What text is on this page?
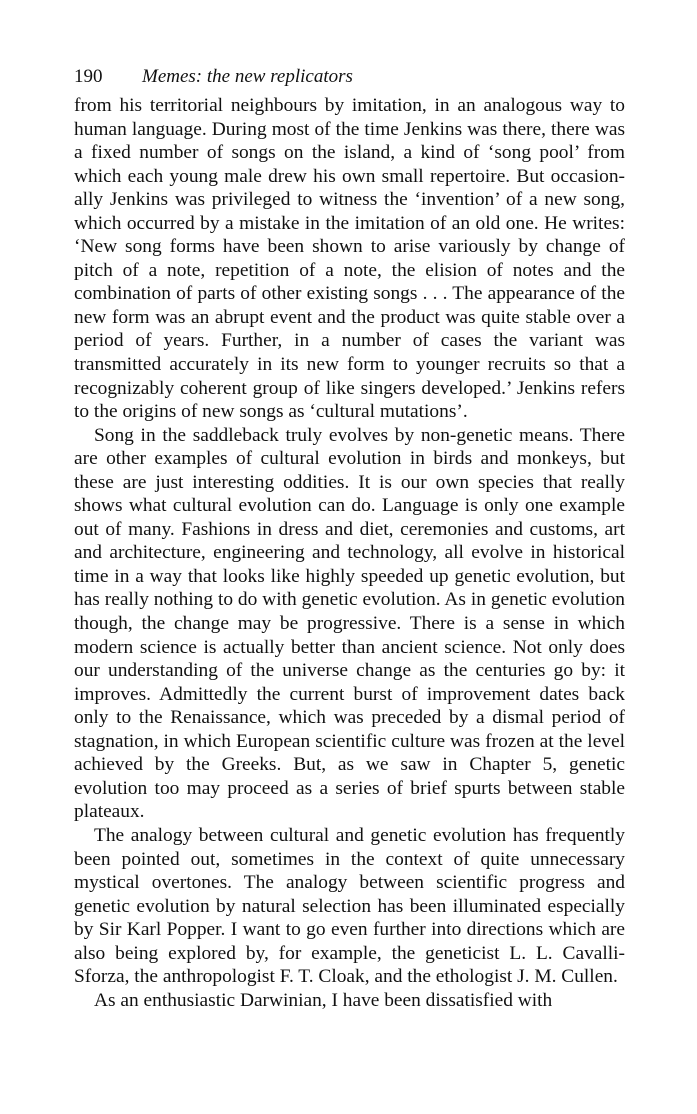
190 Memes: the new replicators

from his territorial neighbours by imitation, in an analogous way to human language. During most of the time Jenkins was there, there was a fixed number of songs on the island, a kind of ‘song pool’ from which each young male drew his own small repertoire. But occasionally Jenkins was privileged to witness the ‘invention’ of a new song, which occurred by a mistake in the imitation of an old one. He writes: ‘New song forms have been shown to arise variously by change of pitch of a note, repetition of a note, the elision of notes and the combination of parts of other existing songs . . . The appearance of the new form was an abrupt event and the product was quite stable over a period of years. Further, in a number of cases the variant was transmitted accurately in its new form to younger recruits so that a recognizably coherent group of like singers developed.’ Jenkins refers to the origins of new songs as ‘cultural mutations’.

Song in the saddleback truly evolves by non-genetic means. There are other examples of cultural evolution in birds and monkeys, but these are just interesting oddities. It is our own species that really shows what cultural evolution can do. Language is only one example out of many. Fashions in dress and diet, ceremonies and customs, art and architecture, engineering and technology, all evolve in historical time in a way that looks like highly speeded up genetic evolution, but has really nothing to do with genetic evolution. As in genetic evolution though, the change may be progressive. There is a sense in which modern science is actually better than ancient science. Not only does our understanding of the universe change as the centuries go by: it improves. Admittedly the current burst of improvement dates back only to the Renaissance, which was preceded by a dismal period of stagnation, in which European scientific culture was frozen at the level achieved by the Greeks. But, as we saw in Chapter 5, genetic evolution too may proceed as a series of brief spurts between stable plateaux.

The analogy between cultural and genetic evolution has frequently been pointed out, sometimes in the context of quite unnecessary mystical overtones. The analogy between scientific progress and genetic evolution by natural selection has been illuminated especially by Sir Karl Popper. I want to go even further into directions which are also being explored by, for example, the geneticist L. L. Cavalli-Sforza, the anthropologist F. T. Cloak, and the ethologist J. M. Cullen.

As an enthusiastic Darwinian, I have been dissatisfied with
